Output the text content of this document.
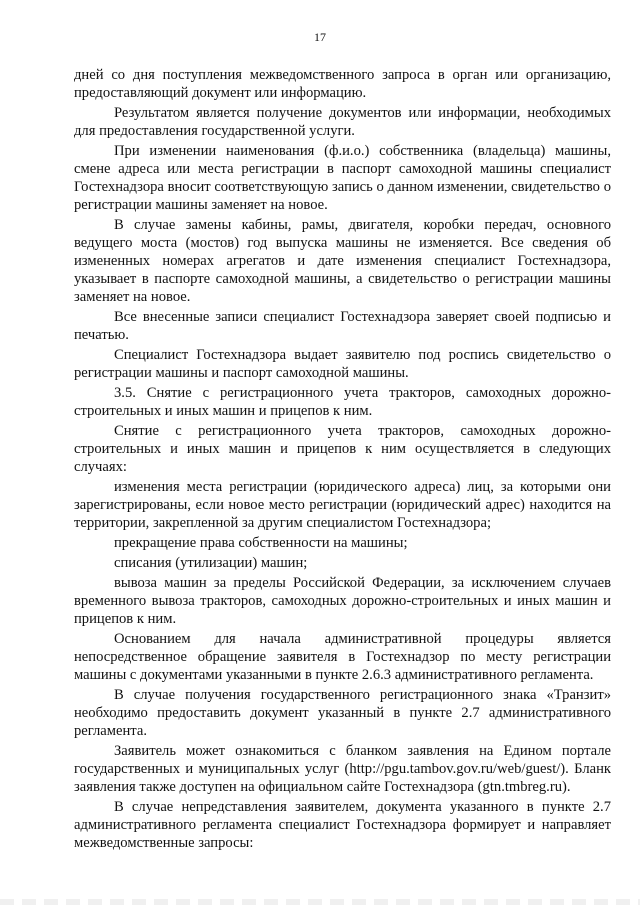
17

дней со дня поступления межведомственного запроса в орган или организацию, предоставляющий документ или информацию.

Результатом является получение документов или информации, необходимых для предоставления государственной услуги.

При изменении наименования (ф.и.о.) собственника (владельца) машины, смене адреса или места регистрации в паспорт самоходной машины специалист Гостехнадзора вносит соответствующую запись о данном изменении, свидетельство о регистрации машины заменяет на новое.

В случае замены кабины, рамы, двигателя, коробки передач, основного ведущего моста (мостов) год выпуска машины не изменяется. Все сведения об измененных номерах агрегатов и дате изменения специалист Гостехнадзора, указывает в паспорте самоходной машины, а свидетельство о регистрации машины заменяет на новое.

Все внесенные записи специалист Гостехнадзора заверяет своей подписью и печатью.

Специалист Гостехнадзора выдает заявителю под роспись свидетельство о регистрации машины и паспорт самоходной машины.

3.5. Снятие с регистрационного учета тракторов, самоходных дорожно-строительных и иных машин и прицепов к ним.

Снятие с регистрационного учета тракторов, самоходных дорожно-строительных и иных машин и прицепов к ним осуществляется в следующих случаях:

изменения места регистрации (юридического адреса) лиц, за которыми они зарегистрированы, если новое место регистрации (юридический адрес) находится на территории, закрепленной за другим специалистом Гостехнадзора;

прекращение права собственности на машины;

списания (утилизации) машин;

вывоза машин за пределы Российской Федерации, за исключением случаев временного вывоза тракторов, самоходных дорожно-строительных и иных машин и прицепов к ним.

Основанием для начала административной процедуры является непосредственное обращение заявителя в Гостехнадзор по месту регистрации машины с документами указанными в пункте 2.6.3 административного регламента.

В случае получения государственного регистрационного знака «Транзит» необходимо предоставить документ указанный в пункте 2.7 административного регламента.

Заявитель может ознакомиться с бланком заявления на Едином портале государственных и муниципальных услуг (http://pgu.tambov.gov.ru/web/guest/). Бланк заявления также доступен на официальном сайте Гостехнадзора (gtn.tmbreg.ru).

В случае непредставления заявителем, документа указанного в пункте 2.7 административного регламента специалист Гостехнадзора формирует и направляет межведомственные запросы:
